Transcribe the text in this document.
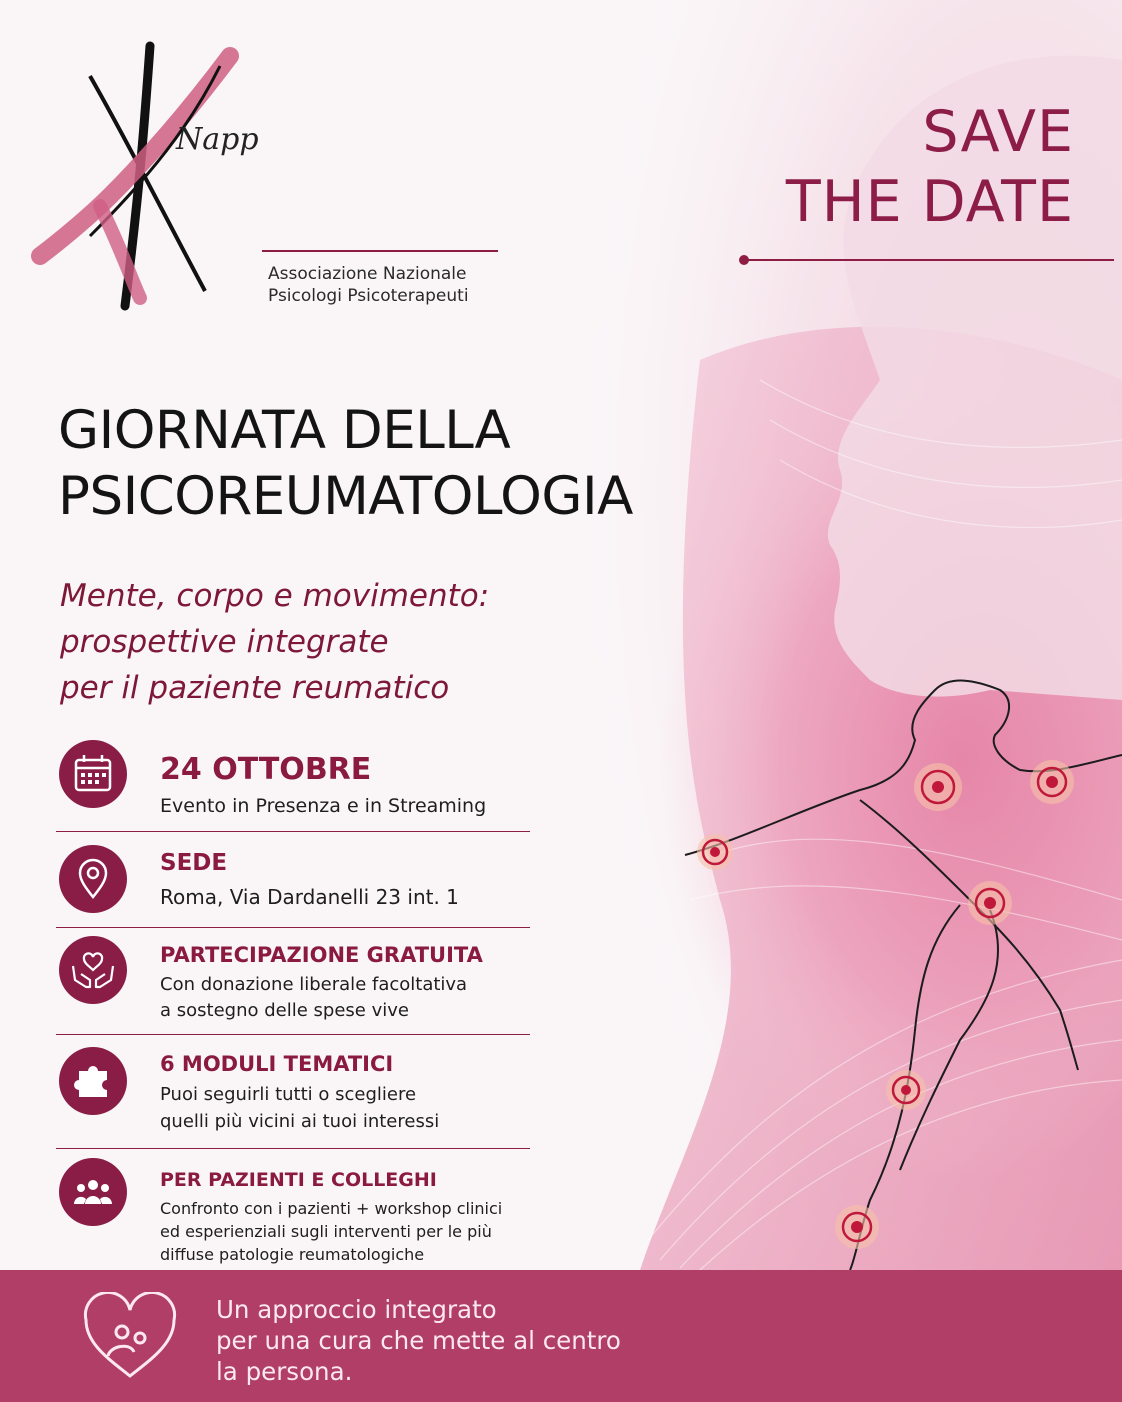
Napp
Associazione Nazionale
Psicologi Psicoterapeuti
SAVE
THE DATE
GIORNATA DELLA
PSICOREUMATOLOGIA
Mente, corpo e movimento:
prospettive integrate
per il paziente reumatico
24 OTTOBRE
Evento in Presenza e in Streaming
SEDE
Roma, Via Dardanelli 23 int. 1
PARTECIPAZIONE GRATUITA
Con donazione liberale facoltativa
a sostegno delle spese vive
6 MODULI TEMATICI
Puoi seguirli tutti o scegliere
quelli più vicini ai tuoi interessi
PER PAZIENTI E COLLEGHI
Confronto con i pazienti + workshop clinici
ed esperienziali sugli interventi per le più
diffuse patologie reumatologiche
Un approccio integrato
per una cura che mette al centro
la persona.
